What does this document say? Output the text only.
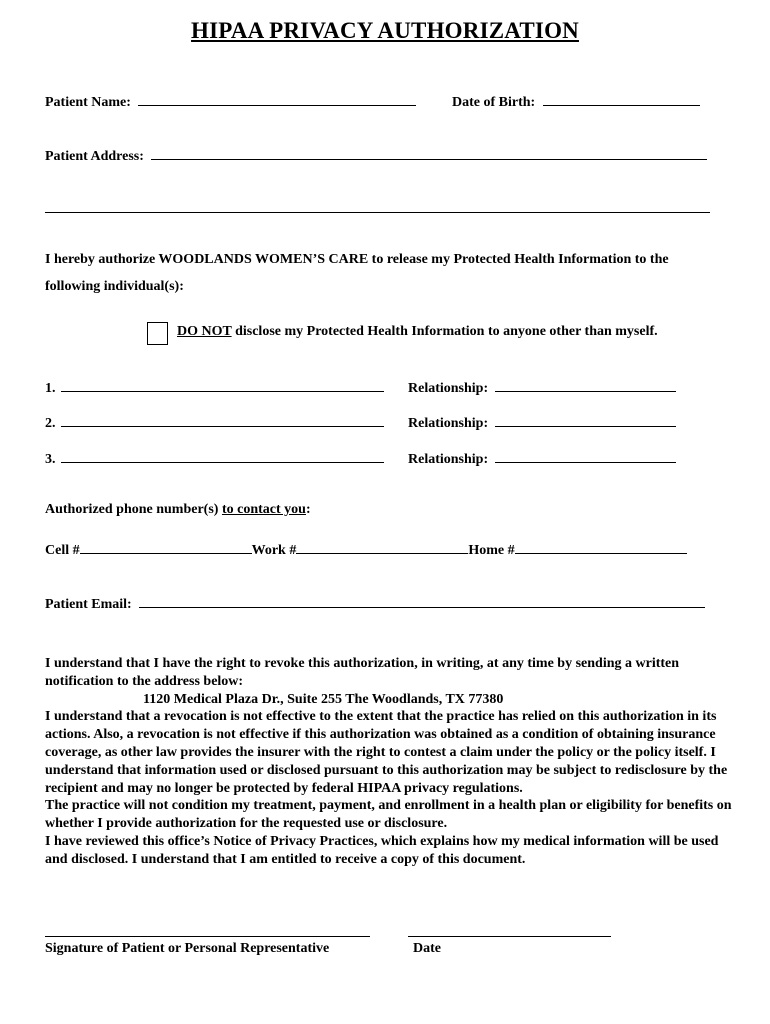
HIPAA PRIVACY AUTHORIZATION
Patient Name:	Date of Birth:
Patient Address:
I hereby authorize WOODLANDS WOMEN’S CARE to release my Protected Health Information to the
following individual(s):
DO NOT disclose my Protected Health Information to anyone other than myself.
1.	Relationship:
2.	Relationship:
3.	Relationship:
Authorized phone number(s) to contact you:
Cell #	Work #	Home #
Patient Email:

I understand that I have the right to revoke this authorization, in writing, at any time by sending a written notification to the address below:

1120 Medical Plaza Dr., Suite 255 The Woodlands, TX 77380

I understand that a revocation is not effective to the extent that the practice has relied on this authorization in its actions. Also, a revocation is not effective if this authorization was obtained as a condition of obtaining insurance coverage, as other law provides the insurer with the right to contest a claim under the policy or the policy itself. I understand that information used or disclosed pursuant to this authorization may be subject to redisclosure by the recipient and may no longer be protected by federal HIPAA privacy regulations.

The practice will not condition my treatment, payment, and enrollment in a health plan or eligibility for benefits on whether I provide authorization for the requested use or disclosure.

I have reviewed this office’s Notice of Privacy Practices, which explains how my medical information will be used and disclosed. I understand that I am entitled to receive a copy of this document.

Signature of Patient or Personal Representative	Date
